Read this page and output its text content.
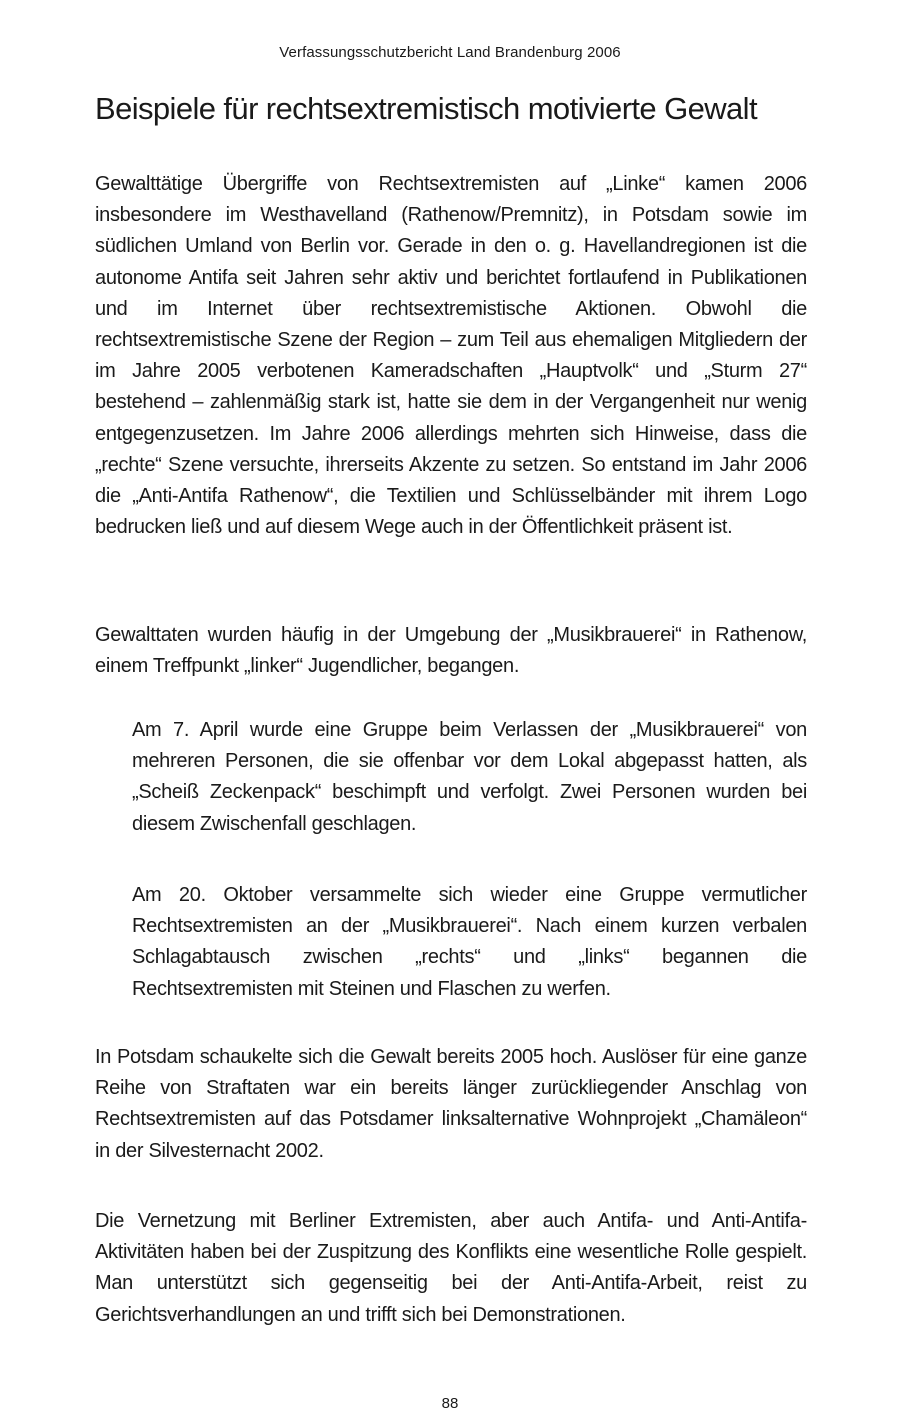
Verfassungsschutzbericht Land Brandenburg 2006
Beispiele für rechtsextremistisch motivierte Gewalt

Gewalttätige Übergriffe von Rechtsextremisten auf „Linke“ kamen 2006 insbesondere im Westhavelland (Rathenow/Premnitz), in Potsdam sowie im südlichen Umland von Berlin vor. Gerade in den o. g. Havellandregionen ist die autonome Antifa seit Jahren sehr aktiv und berichtet fortlaufend in Publikationen und im Internet über rechtsextremistische Aktionen. Obwohl die rechtsextremistische Szene der Region – zum Teil aus ehemaligen Mitgliedern der im Jahre 2005 verbotenen Kameradschaften „Hauptvolk“ und „Sturm 27“ bestehend – zahlenmäßig stark ist, hatte sie dem in der Vergangenheit nur wenig entgegenzusetzen. Im Jahre 2006 allerdings mehrten sich Hinweise, dass die „rechte“ Szene versuchte, ihrerseits Akzente zu setzen. So entstand im Jahr 2006 die „Anti-Antifa Rathenow“, die Textilien und Schlüsselbänder mit ihrem Logo bedrucken ließ und auf diesem Wege auch in der Öffentlichkeit präsent ist.

Gewalttaten wurden häufig in der Umgebung der „Musikbrauerei“ in Rathenow, einem Treffpunkt „linker“ Jugendlicher, begangen.

Am 7. April wurde eine Gruppe beim Verlassen der „Musikbrauerei“ von mehreren Personen, die sie offenbar vor dem Lokal abgepasst hatten, als „Scheiß Zeckenpack“ beschimpft und verfolgt. Zwei Personen wurden bei diesem Zwischenfall geschlagen.

Am 20. Oktober versammelte sich wieder eine Gruppe vermutlicher Rechtsextremisten an der „Musikbrauerei“. Nach einem kurzen verbalen Schlagabtausch zwischen „rechts“ und „links“ begannen die Rechtsextremisten mit Steinen und Flaschen zu werfen.

In Potsdam schaukelte sich die Gewalt bereits 2005 hoch. Auslöser für eine ganze Reihe von Straftaten war ein bereits länger zurückliegender Anschlag von Rechtsextremisten auf das Potsdamer linksalternative Wohnprojekt „Chamäleon“ in der Silvesternacht 2002.

Die Vernetzung mit Berliner Extremisten, aber auch Antifa- und Anti-Antifa-Aktivitäten haben bei der Zuspitzung des Konflikts eine wesentliche Rolle gespielt. Man unterstützt sich gegenseitig bei der Anti-Antifa-Arbeit, reist zu Gerichtsverhandlungen an und trifft sich bei Demonstrationen.

88
